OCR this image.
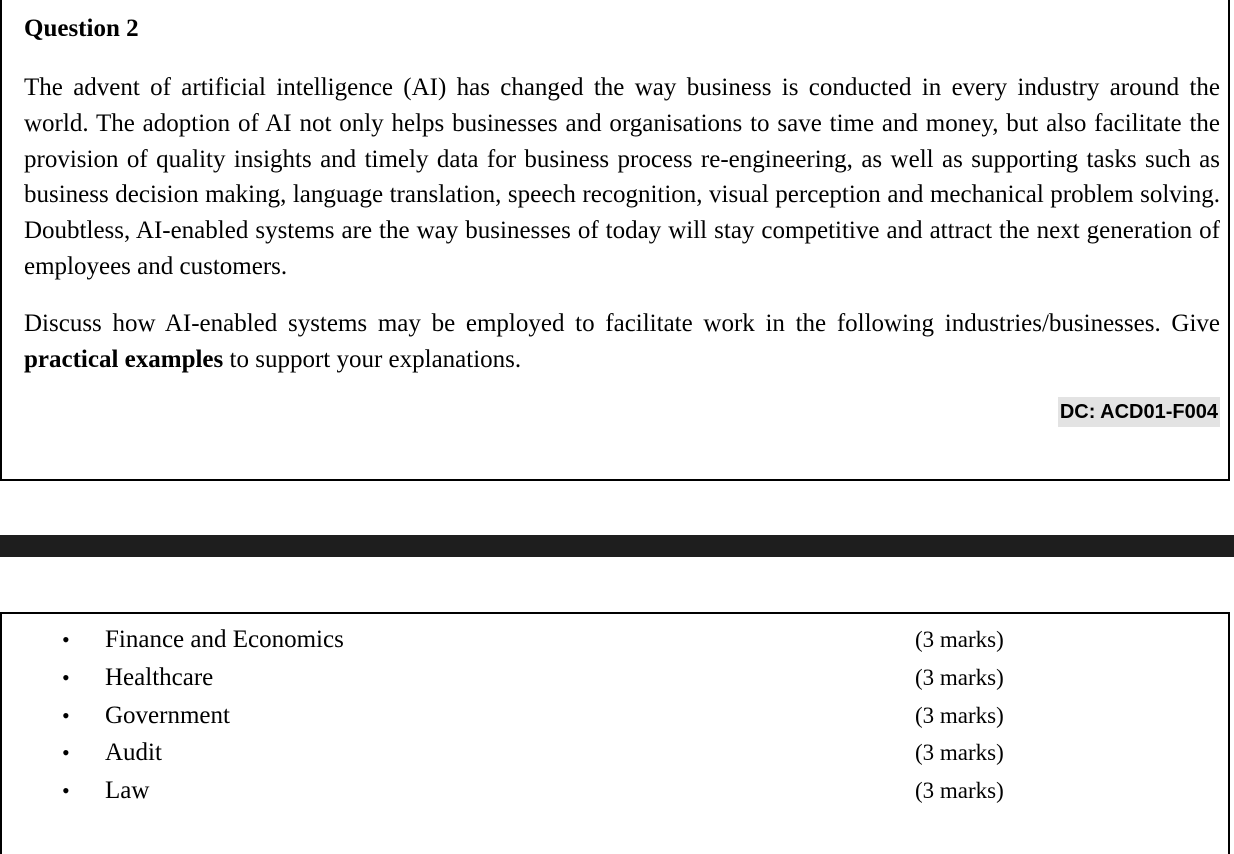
Question 2

The advent of artificial intelligence (AI) has changed the way business is conducted in every industry around the world. The adoption of AI not only helps businesses and organisations to save time and money, but also facilitate the provision of quality insights and timely data for business process re-engineering, as well as supporting tasks such as business decision making, language translation, speech recognition, visual perception and mechanical problem solving. Doubtless, AI-enabled systems are the way businesses of today will stay competitive and attract the next generation of employees and customers.

Discuss how AI-enabled systems may be employed to facilitate work in the following industries/businesses. Give practical examples to support your explanations.

DC: ACD01-F004
• Finance and Economics	(3 marks)
• Healthcare	(3 marks)
• Government	(3 marks)
• Audit	(3 marks)
• Law	(3 marks)
